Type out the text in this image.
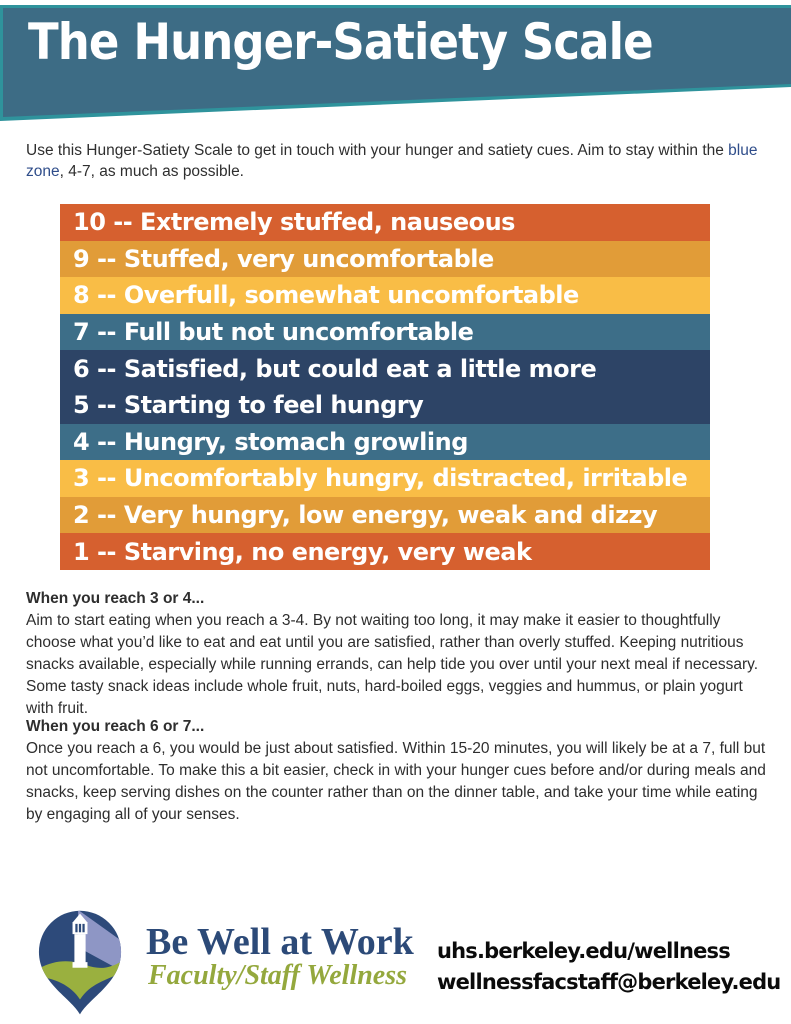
The Hunger-Satiety Scale

Use this Hunger-Satiety Scale to get in touch with your hunger and satiety cues. Aim to stay within the blue zone, 4-7, as much as possible.

10 -- Extremely stuffed, nauseous
9 -- Stuffed, very uncomfortable
8 -- Overfull, somewhat uncomfortable
7 -- Full but not uncomfortable
6 -- Satisfied, but could eat a little more
5 -- Starting to feel hungry
4 -- Hungry, stomach growling
3 -- Uncomfortably hungry, distracted, irritable
2 -- Very hungry, low energy, weak and dizzy
1 -- Starving, no energy, very weak
When you reach 3 or 4...

Aim to start eating when you reach a 3-4. By not waiting too long, it may make it easier to thoughtfully choose what you’d like to eat and eat until you are satisfied, rather than overly stuffed. Keeping nutritious snacks available, especially while running errands, can help tide you over until your next meal if necessary. Some tasty snack ideas include whole fruit, nuts, hard-boiled eggs, veggies and hummus, or plain yogurt with fruit.

When you reach 6 or 7...

Once you reach a 6, you would be just about satisfied. Within 15-20 minutes, you will likely be at a 7, full but not uncomfortable. To make this a bit easier, check in with your hunger cues before and/or during meals and snacks, keep serving dishes on the counter rather than on the dinner table, and take your time while eating by engaging all of your senses.

Be Well at Work
Faculty/Staff Wellness
uhs.berkeley.edu/wellness
wellnessfacstaff@berkeley.edu
